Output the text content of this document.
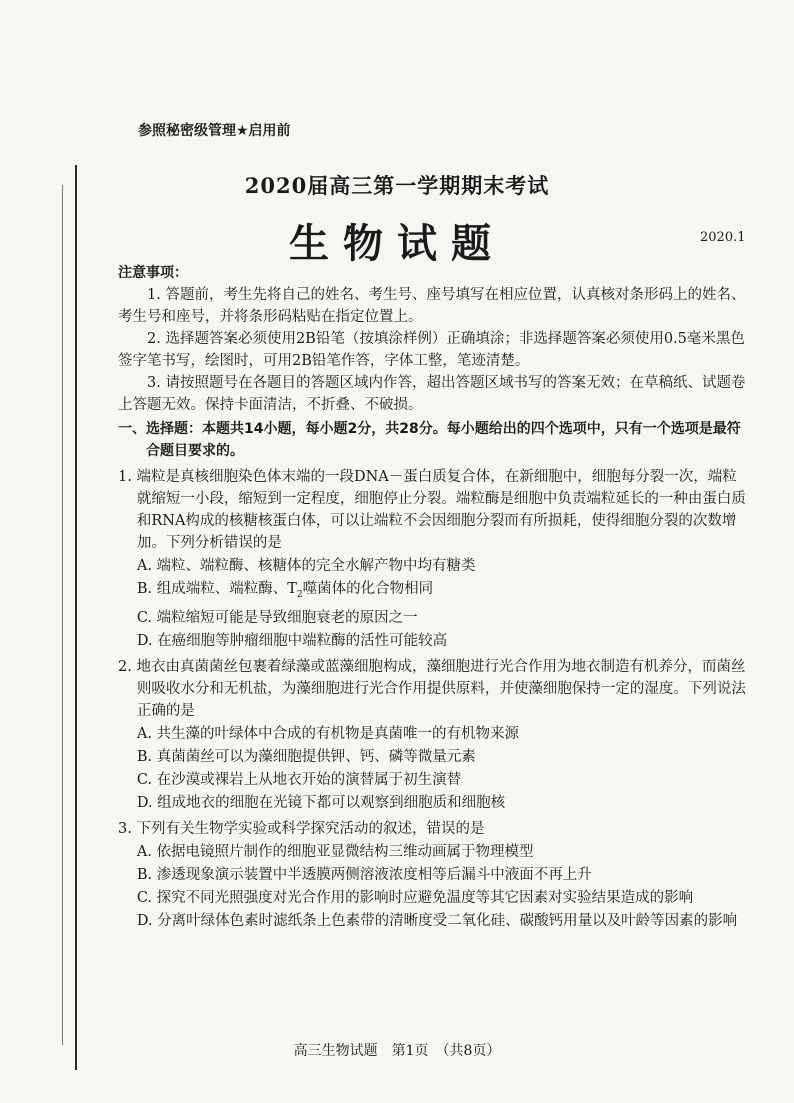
参照秘密级管理★启用前
2020届高三第一学期期末考试
生物试题	2020.1
注意事项：

1. 答题前，考生先将自己的姓名、考生号、座号填写在相应位置，认真核对条形码上的姓名、考生号和座号，并将条形码粘贴在指定位置上。

2. 选择题答案必须使用2B铅笔（按填涂样例）正确填涂；非选择题答案必须使用0.5毫米黑色签字笔书写，绘图时，可用2B铅笔作答，字体工整，笔迹清楚。

3. 请按照题号在各题目的答题区域内作答，超出答题区域书写的答案无效；在草稿纸、试题卷上答题无效。保持卡面清洁，不折叠、不破损。

一、选择题：本题共14小题，每小题2分，共28分。每小题给出的四个选项中，只有一个选项是最符合题目要求的。

1. 端粒是真核细胞染色体末端的一段DNA－蛋白质复合体，在新细胞中，细胞每分裂一次，端粒就缩短一小段，缩短到一定程度，细胞停止分裂。端粒酶是细胞中负责端粒延长的一种由蛋白质和RNA构成的核糖核蛋白体，可以让端粒不会因细胞分裂而有所损耗，使得细胞分裂的次数增加。下列分析错误的是

A. 端粒、端粒酶、核糖体的完全水解产物中均有糖类
B. 组成端粒、端粒酶、$T_2$噬菌体的化合物相同
C. 端粒缩短可能是导致细胞衰老的原因之一
D. 在癌细胞等肿瘤细胞中端粒酶的活性可能较高

2. 地衣由真菌菌丝包裹着绿藻或蓝藻细胞构成，藻细胞进行光合作用为地衣制造有机养分，而菌丝则吸收水分和无机盐，为藻细胞进行光合作用提供原料，并使藻细胞保持一定的湿度。下列说法正确的是

A. 共生藻的叶绿体中合成的有机物是真菌唯一的有机物来源
B. 真菌菌丝可以为藻细胞提供钾、钙、磷等微量元素
C. 在沙漠或裸岩上从地衣开始的演替属于初生演替
D. 组成地衣的细胞在光镜下都可以观察到细胞质和细胞核

3. 下列有关生物学实验或科学探究活动的叙述，错误的是

A. 依据电镜照片制作的细胞亚显微结构三维动画属于物理模型
B. 渗透现象演示装置中半透膜两侧溶液浓度相等后漏斗中液面不再上升
C. 探究不同光照强度对光合作用的影响时应避免温度等其它因素对实验结果造成的影响
D. 分离叶绿体色素时滤纸条上色素带的清晰度受二氧化硅、碳酸钙用量以及叶龄等因素的影响
高三生物试题　第1页　（共8页）
